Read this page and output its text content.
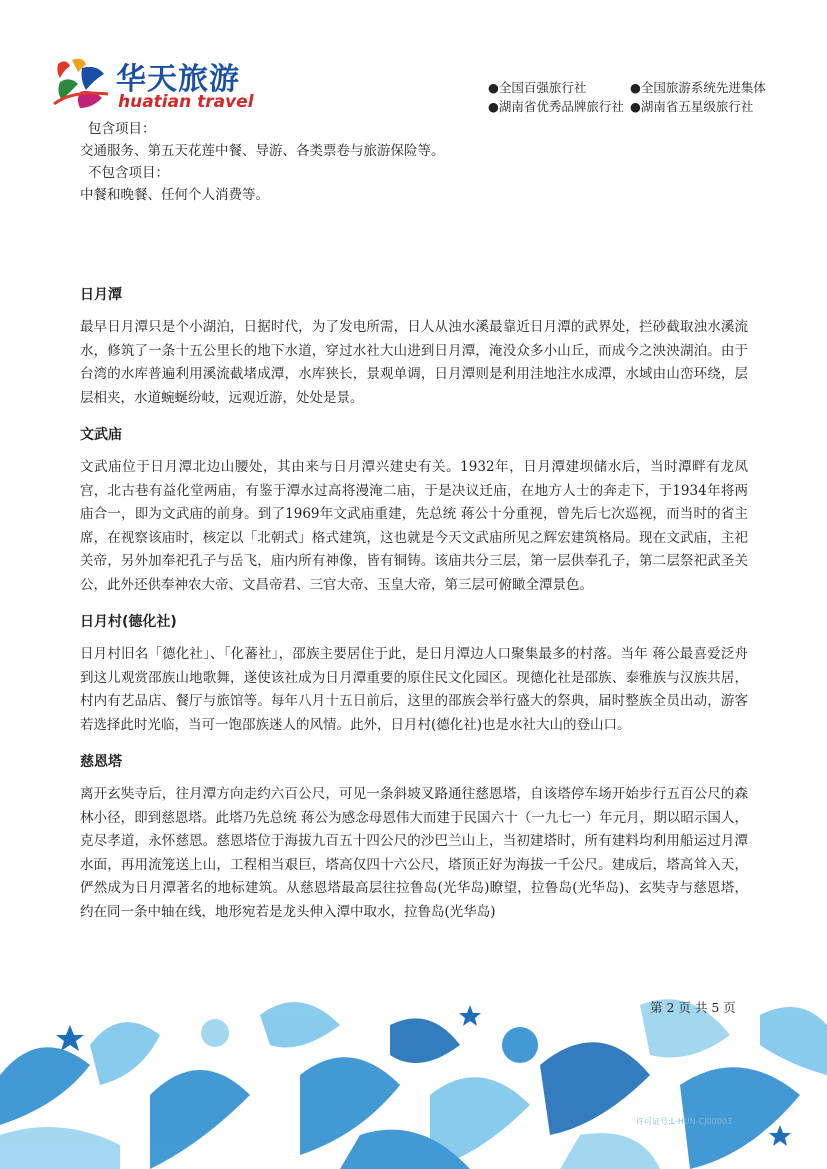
华天旅游
huatian travel
●全国百强旅行社	●全国旅游系统先进集体
●湖南省优秀品牌旅行社 ●湖南省五星级旅行社
包含项目：
交通服务、第五天花莲中餐、导游、各类票卷与旅游保险等。
不包含项目：
中餐和晚餐、任何个人消费等。
日月潭
最早日月潭只是个小湖泊，日据时代，为了发电所需，日人从浊水溪最靠近日月潭的武界处，拦砂截取浊水溪流水，修筑了一条十五公里长的地下水道，穿过水社大山进到日月潭，淹没众多小山丘，而成今之泱泱湖泊。由于台湾的水库普遍利用溪流截堵成潭，水库狭长，景观单调，日月潭则是利用洼地注水成潭，水域由山峦环绕，层层相夹，水道蜿蜒纷岐，远观近游，处处是景。
文武庙
文武庙位于日月潭北边山腰处，其由来与日月潭兴建史有关。1932年，日月潭建坝储水后，当时潭畔有龙凤宫，北古巷有益化堂两庙，有鉴于潭水过高将漫淹二庙，于是决议迁庙，在地方人士的奔走下，于1934年将两庙合一，即为文武庙的前身。到了1969年文武庙重建，先总统 蒋公十分重视，曾先后七次巡视，而当时的省主席，在视察该庙时，核定以「北朝式」格式建筑，这也就是今天文武庙所见之辉宏建筑格局。现在文武庙，主祀关帝，另外加奉祀孔子与岳飞，庙内所有神像，皆有铜铸。该庙共分三层，第一层供奉孔子，第二层祭祀武圣关公，此外还供奉神农大帝、文昌帝君、三官大帝、玉皇大帝，第三层可俯瞰全潭景色。
日月村(德化社)
日月村旧名「德化社」、「化蕃社」，邵族主要居住于此，是日月潭边人口聚集最多的村落。当年 蒋公最喜爱泛舟到这儿观赏邵族山地歌舞，遂使该社成为日月潭重要的原住民文化园区。现德化社是邵族、泰雅族与汉族共居，村内有艺品店、餐厅与旅馆等。每年八月十五日前后，这里的邵族会举行盛大的祭典，届时整族全员出动，游客若选择此时光临，当可一饱邵族迷人的风情。此外，日月村(德化社)也是水社大山的登山口。
慈恩塔
离开玄奘寺后，往月潭方向走约六百公尺，可见一条斜坡叉路通往慈恩塔，自该塔停车场开始步行五百公尺的森林小径，即到慈恩塔。此塔乃先总统 蒋公为感念母恩伟大而建于民国六十（一九七一）年元月，期以昭示国人，克尽孝道，永怀慈恩。慈恩塔位于海拔九百五十四公尺的沙巴兰山上，当初建塔时，所有建料均利用船运过月潭水面，再用流笼送上山，工程相当艰巨，塔高仅四十六公尺，塔顶正好为海拔一千公尺。建成后，塔高耸入天，俨然成为日月潭著名的地标建筑。从慈恩塔最高层往拉鲁岛(光华岛)瞭望，拉鲁岛(光华岛)、玄奘寺与慈恩塔，约在同一条中轴在线，地形宛若是龙头伸入潭中取水，拉鲁岛(光华岛)
第 2 页 共 5 页
许可证号:L-HUN-CJ00003
